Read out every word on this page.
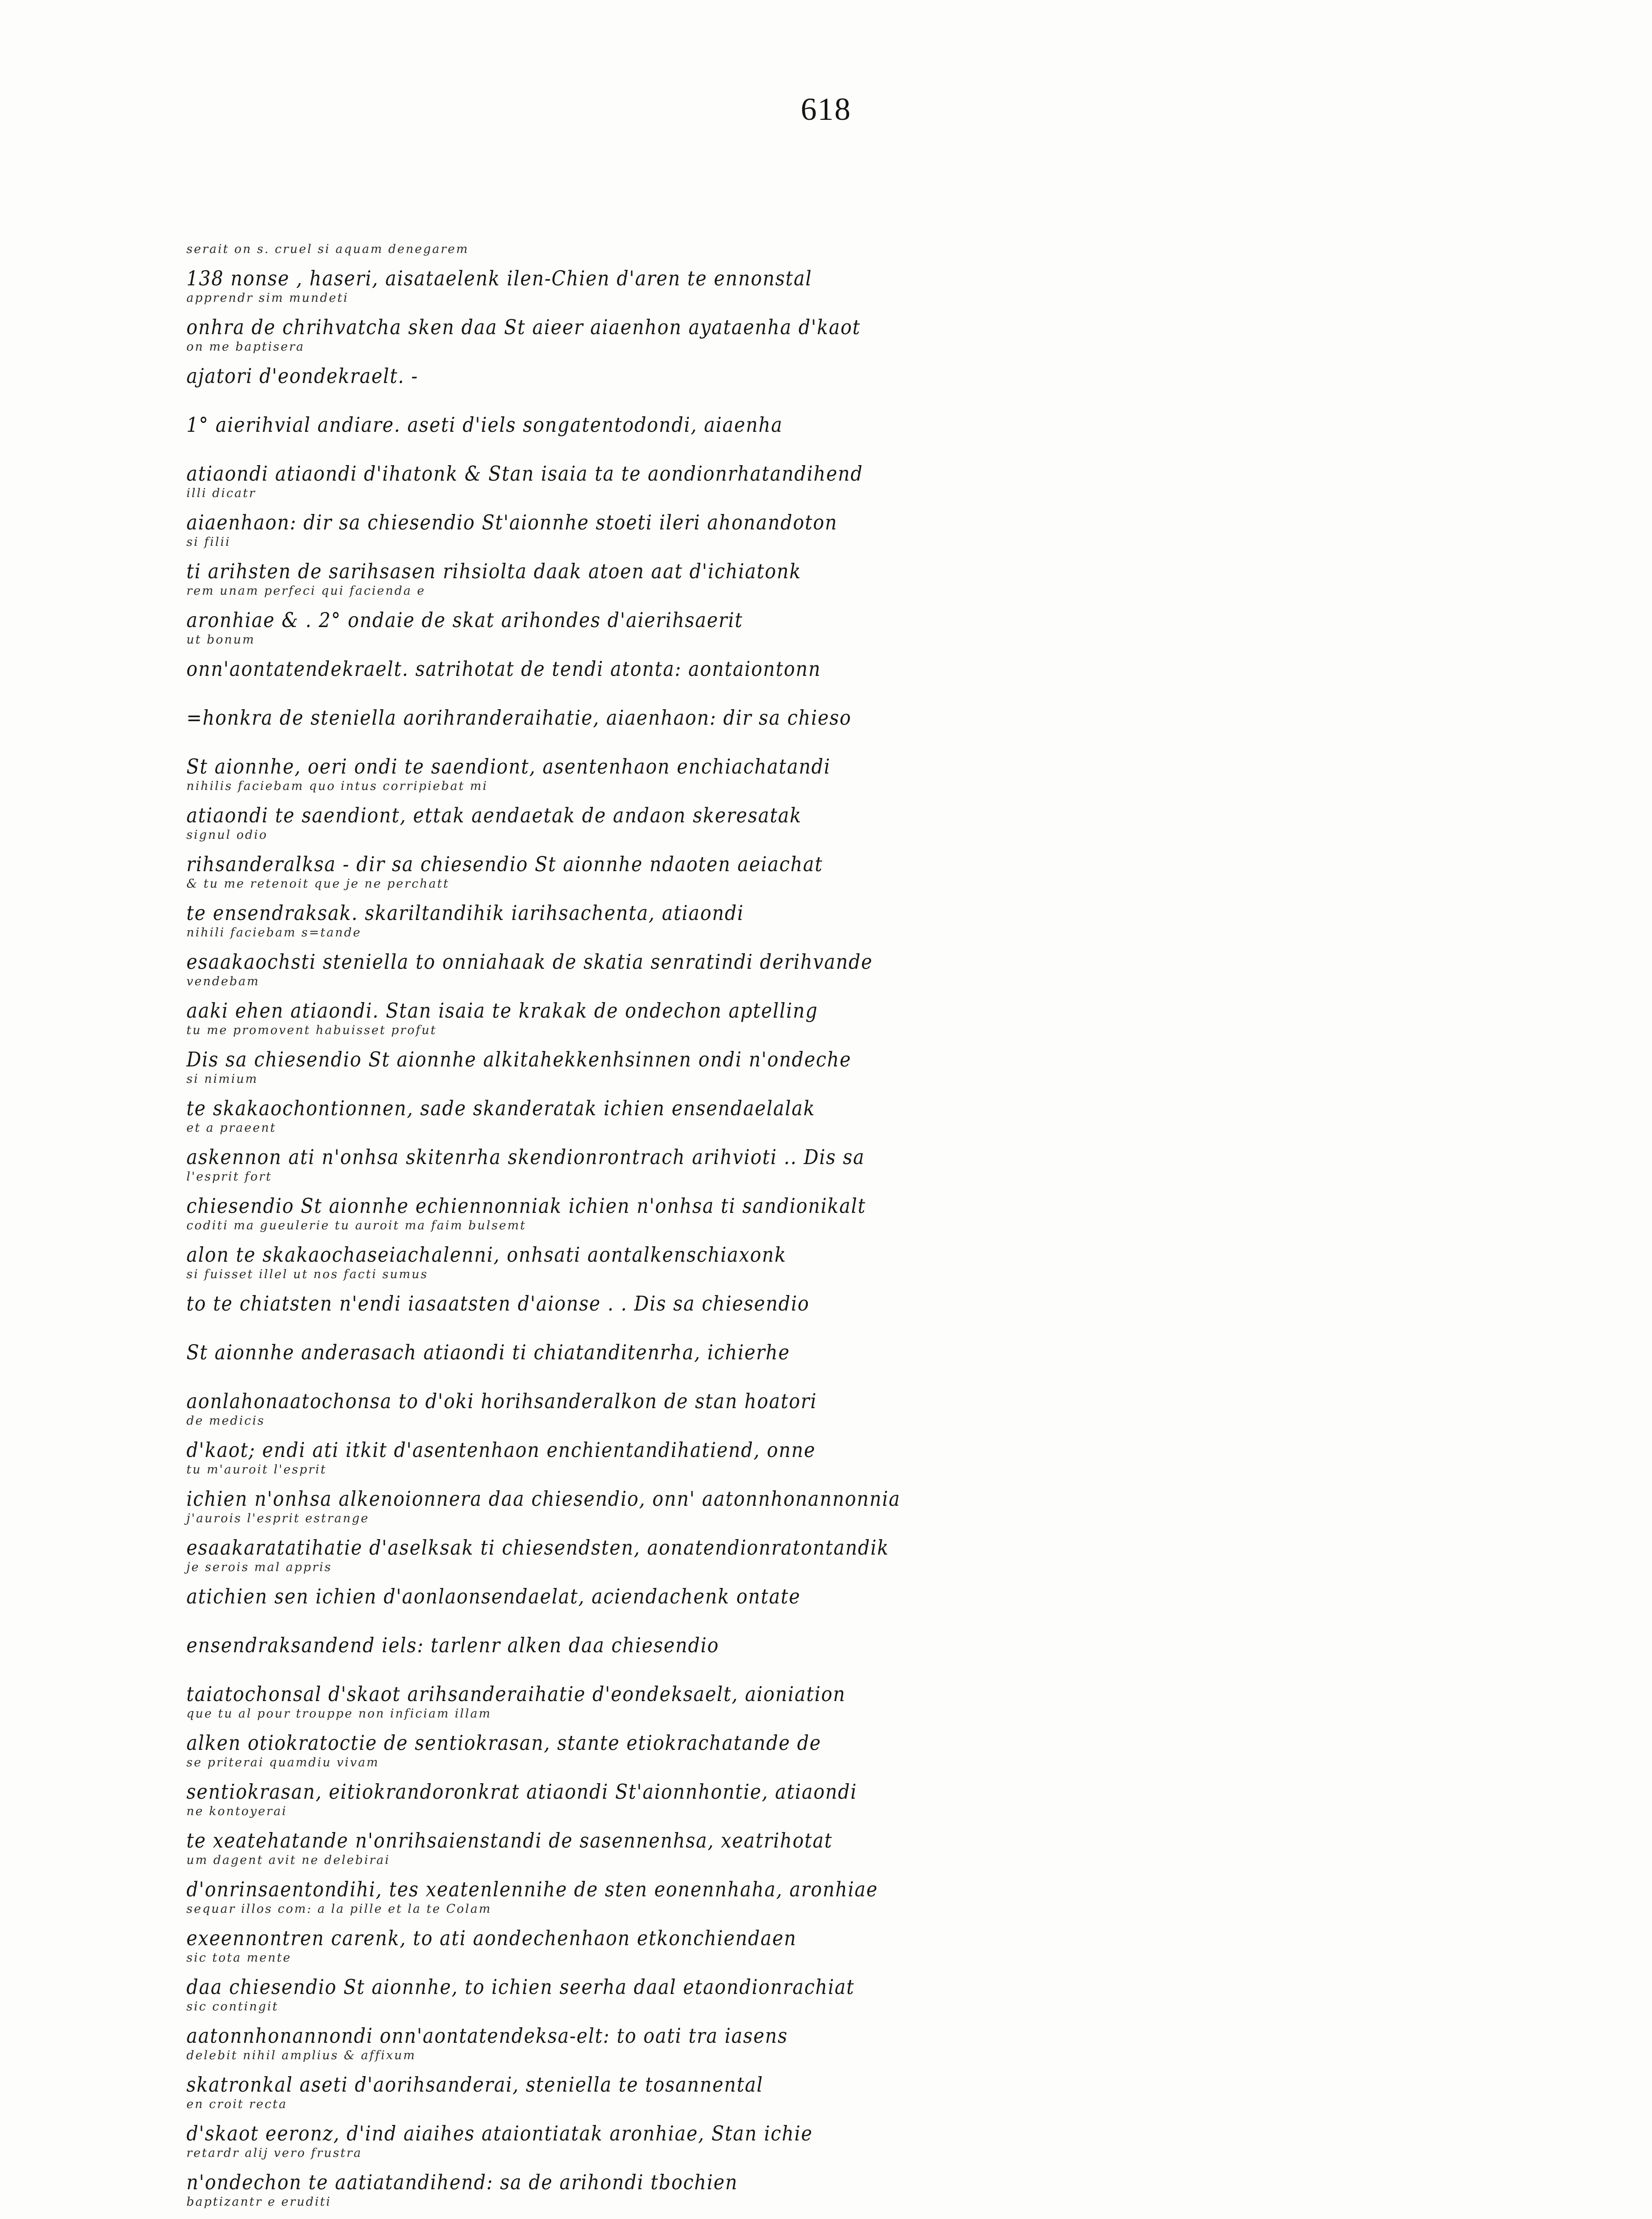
618
serait on s. cruel si aquam denegarem
138 nonse , haseri, aisataelenk ilen-Chien d'aren te ennonstal
apprendr sim mundeti
onhra de chrihvatcha sken daa St aieer aiaenhon ayataenha d'kaot
on me baptisera
ajatori d'eondekraelt. -
1° aierihvial andiare. aseti d'iels songatentodondi, aiaenha
atiaondi atiaondi d'ihatonk & Stan isaia ta te aondionrhatandihend
illi dicatr
aiaenhaon: dir sa chiesendio St'aionnhe stoeti ileri ahonandoton
si filii
ti arihsten de sarihsasen rihsiolta daak atoen aat d'ichiatonk
rem unam perfeci qui facienda e
aronhiae & . 2° ondaie de skat arihondes d'aierihsaerit
ut bonum
onn'aontatendekraelt. satrihotat de tendi atonta: aontaiontonn
=honkra de steniella aorihranderaihatie, aiaenhaon: dir sa chieso
St aionnhe, oeri ondi te saendiont, asentenhaon enchiachatandi
nihilis faciebam quo intus corripiebat mi
atiaondi te saendiont, ettak aendaetak de andaon skeresatak
signul odio
rihsanderalksa - dir sa chiesendio St aionnhe ndaoten aeiachat
& tu me retenoit que je ne perchatt
te ensendraksak. skariltandihik iarihsachenta, atiaondi
nihili faciebam s=tande
esaakaochsti steniella to onniahaak de skatia senratindi derihvande
vendebam
aaki ehen atiaondi. Stan isaia te krakak de ondechon aptelling
tu me promovent habuisset profut
Dis sa chiesendio St aionnhe alkitahekkenhsinnen ondi n'ondeche
si nimium
te skakaochontionnen, sade skanderatak ichien ensendaelalak
et a praeent
askennon ati n'onhsa skitenrha skendionrontrach arihvioti .. Dis sa
l'esprit fort
chiesendio St aionnhe echiennonniak ichien n'onhsa ti sandionikalt
coditi ma gueulerie tu auroit ma faim bulsemt
alon te skakaochaseiachalenni, onhsati aontalkenschiaxonk
si fuisset illel ut nos facti sumus
to te chiatsten n'endi iasaatsten d'aionse . . Dis sa chiesendio
St aionnhe anderasach atiaondi ti chiatanditenrha, ichierhe
aonlahonaatochonsa to d'oki horihsanderalkon de stan hoatori
de medicis
d'kaot; endi ati itkit d'asentenhaon enchientandihatiend, onne
tu m'auroit l'esprit
ichien n'onhsa alkenoionnera daa chiesendio, onn' aatonnhonannonnia
j'aurois l'esprit estrange
esaakaratatihatie d'aselksak ti chiesendsten, aonatendionratontandik
je serois mal appris
atichien sen ichien d'aonlaonsendaelat, aciendachenk ontate
ensendraksandend iels: tarlenr alken daa chiesendio
taiatochonsal d'skaot arihsanderaihatie d'eondeksaelt, aioniation
que tu al pour trouppe non inficiam illam
alken otiokratoctie de sentiokrasan, stante etiokrachatande de
se priterai quamdiu vivam
sentiokrasan, eitiokrandoronkrat atiaondi St'aionnhontie, atiaondi
ne kontoyerai
te xeatehatande n'onrihsaienstandi de sasennenhsa, xeatrihotat
um dagent avit ne delebirai
d'onrinsaentondihi, tes xeatenlennihe de sten eonennhaha, aronhiae
sequar illos com: a la pille et la te Colam
exeennontren carenk, to ati aondechenhaon etkonchiendaen
sic tota mente
daa chiesendio St aionnhe, to ichien seerha daal etaondionrachiat
sic contingit
aatonnhonannondi onn'aontatendeksa-elt: to oati tra iasens
delebit nihil amplius & affixum
skatronkal aseti d'aorihsanderai, steniella te tosannental
en croit recta
d'skaot eeronz, d'ind aiaihes ataiontiatak aronhiae, Stan ichie
retardr alij vero frustra
n'ondechon te aatiatandihend: sa de arihondi tbochien
baptizantr e eruditi
